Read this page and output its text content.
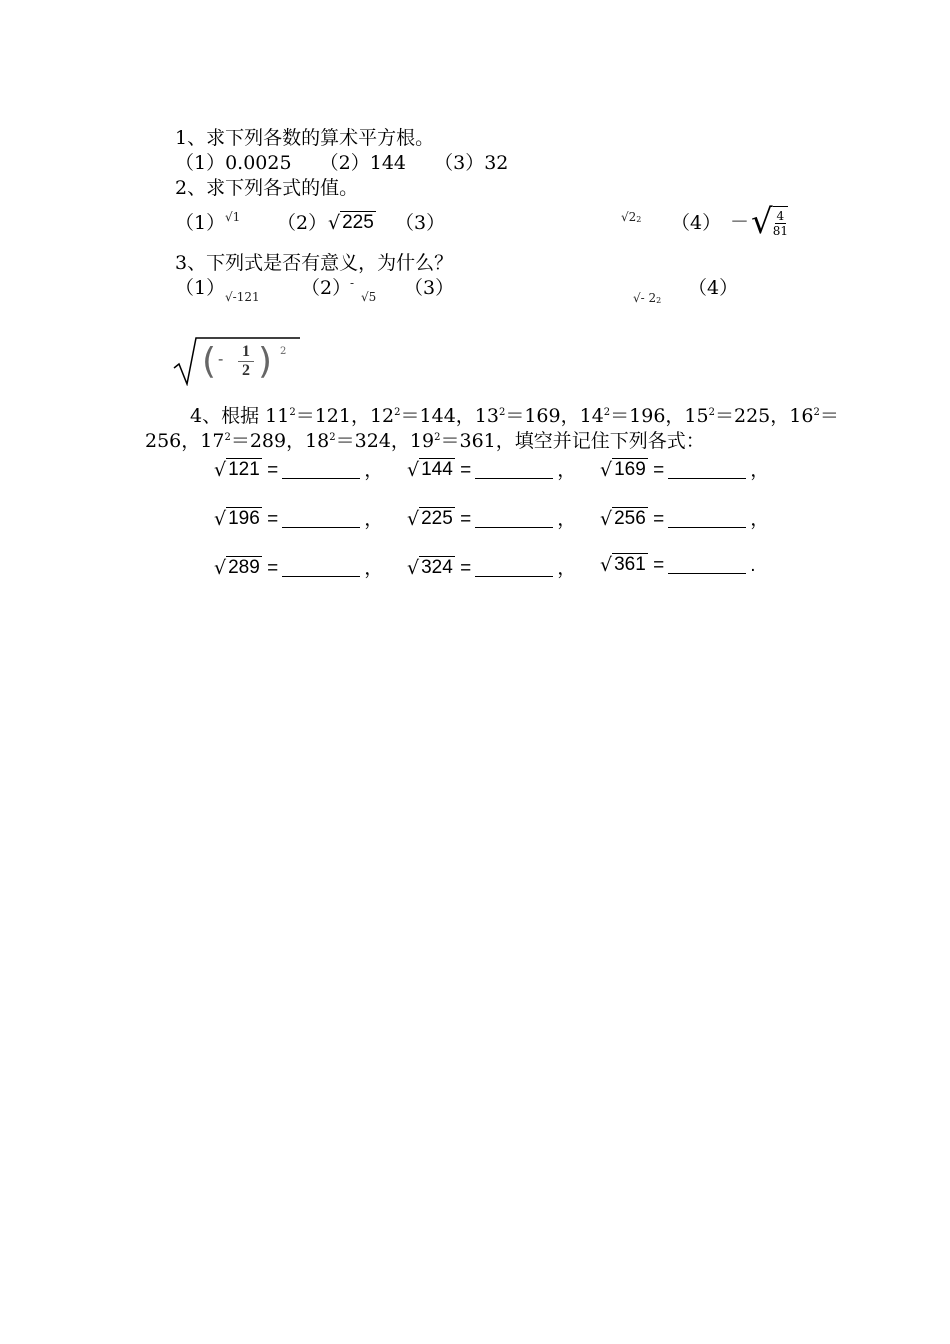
1、求下列各数的算术平方根。
（1）0.0025 （2）144 （3）32
2、求下列各式的值。
（1） √ 1 （2） √ 225 （3）	√ 2 2 （4） － √ $\frac{4}{81}$
3、下列式是否有意义，为什么？
（1） √ -121 （2）
-
√ 5 （3）	√ - 2 2
（4）
( - 1
2 ) 2
4、根据 $11^2=121$，$12^2=144$，$13^2=169$，$14^2=196$，$15^2=225$，$16^2=$
256，$17^2=289$，$18^2=324$，$19^2=361$，填空并记住下列各式：
√ 121 =	， √ 144 =	， √ 169 =	，
√ 196 =	， √ 225 =	， √ 256 =	，
√ 289 =	， √ 324 =	， √ 361 =	.
